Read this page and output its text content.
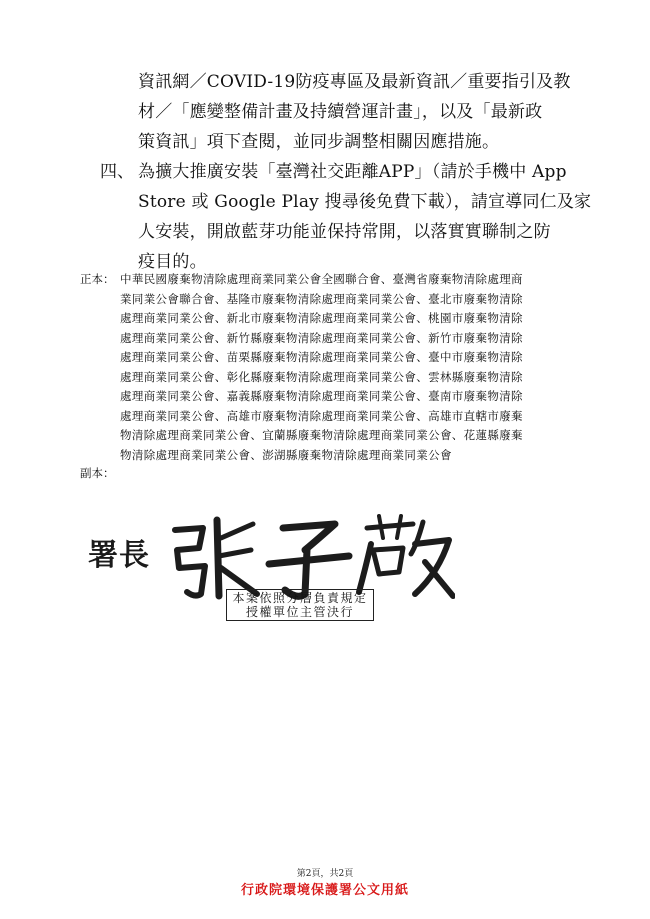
資訊網／COVID-19防疫專區及最新資訊／重要指引及教
材／「應變整備計畫及持續營運計畫」，以及「最新政
策資訊」項下查閱，並同步調整相關因應措施。
四、 為擴大推廣安裝「臺灣社交距離APP」（請於手機中 App
Store 或 Google Play 搜尋後免費下載），請宣導同仁及家
人安裝，開啟藍芽功能並保持常開，以落實實聯制之防
疫目的。
正本： 中華民國廢棄物清除處理商業同業公會全國聯合會、臺灣省廢棄物清除處理商
業同業公會聯合會、基隆市廢棄物清除處理商業同業公會、臺北市廢棄物清除
處理商業同業公會、新北市廢棄物清除處理商業同業公會、桃園市廢棄物清除
處理商業同業公會、新竹縣廢棄物清除處理商業同業公會、新竹市廢棄物清除
處理商業同業公會、苗栗縣廢棄物清除處理商業同業公會、臺中市廢棄物清除
處理商業同業公會、彰化縣廢棄物清除處理商業同業公會、雲林縣廢棄物清除
處理商業同業公會、嘉義縣廢棄物清除處理商業同業公會、臺南市廢棄物清除
處理商業同業公會、高雄市廢棄物清除處理商業同業公會、高雄市直轄市廢棄
物清除處理商業同業公會、宜蘭縣廢棄物清除處理商業同業公會、花蓮縣廢棄
物清除處理商業同業公會、澎湖縣廢棄物清除處理商業同業公會
副本：
署長
本案依照分層負責規定
授權單位主管決行
第2頁，共2頁
行政院環境保護署公文用紙
